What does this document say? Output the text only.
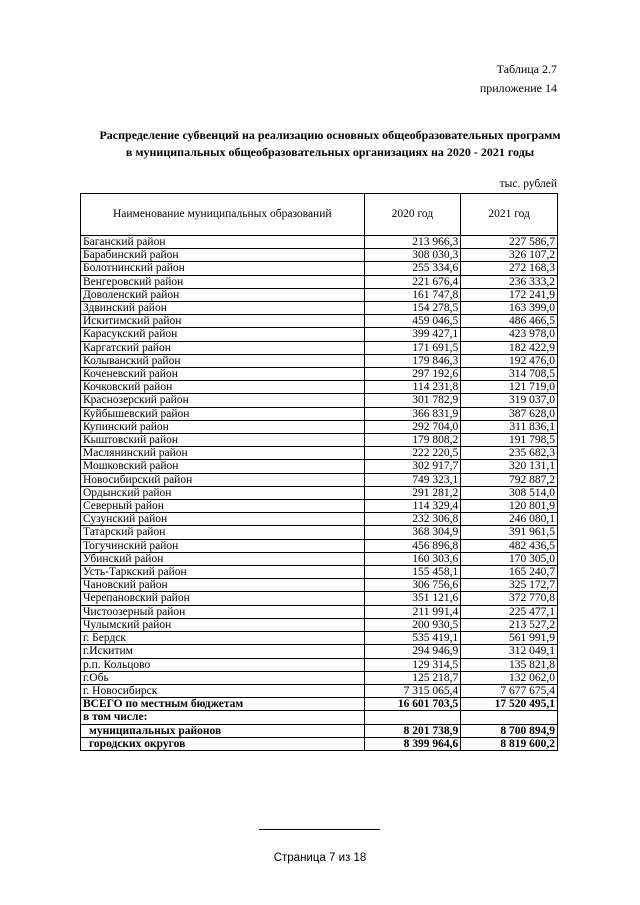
Таблица 2.7
приложение 14
Распределение субвенций на реализацию основных общеобразовательных программ
в муниципальных общеобразовательных организациях на 2020 - 2021 годы
тыс. рублей
Наименование муниципальных образований	2020 год	2021 год
Баганский район	213 966,3	227 586,7
Барабинский район	308 030,3	326 107,2
Болотнинский район	255 334,6	272 168,3
Венгеровский район	221 676,4	236 333,2
Доволенский район	161 747,8	172 241,9
Здвинский район	154 278,5	163 399,0
Искитимский район	459 046,5	486 466,5
Карасукский район	399 427,1	423 978,0
Каргатский район	171 691,5	182 422,9
Колыванский район	179 846,3	192 476,0
Коченевский район	297 192,6	314 708,5
Кочковский район	114 231,8	121 719,0
Краснозерский район	301 782,9	319 037,0
Куйбышевский район	366 831,9	387 628,0
Купинский район	292 704,0	311 836,1
Кыштовский район	179 808,2	191 798,5
Маслянинский район	222 220,5	235 682,3
Мошковский район	302 917,7	320 131,1
Новосибирский район	749 323,1	792 887,2
Ордынский район	291 281,2	308 514,0
Северный район	114 329,4	120 801,9
Сузунский район	232 306,8	246 080,1
Татарский район	368 304,9	391 961,5
Тогучинский район	456 896,8	482 436,5
Убинский район	160 303,6	170 305,0
Усть-Таркский район	155 458,1	165 240,7
Чановский район	306 756,6	325 172,7
Черепановский район	351 121,6	372 770,8
Чистоозерный район	211 991,4	225 477,1
Чулымский район	200 930,5	213 527,2
г. Бердск	535 419,1	561 991,9
г.Искитим	294 946,9	312 049,1
р.п. Кольцово	129 314,5	135 821,8
г.Обь	125 218,7	132 062,0
г. Новосибирск	7 315 065,4	7 677 675,4
ВСЕГО по местным бюджетам	16 601 703,5	17 520 495,1
в том числе:		
муниципальных районов	8 201 738,9	8 700 894,9
городских округов	8 399 964,6	8 819 600,2
Страница 7 из 18
